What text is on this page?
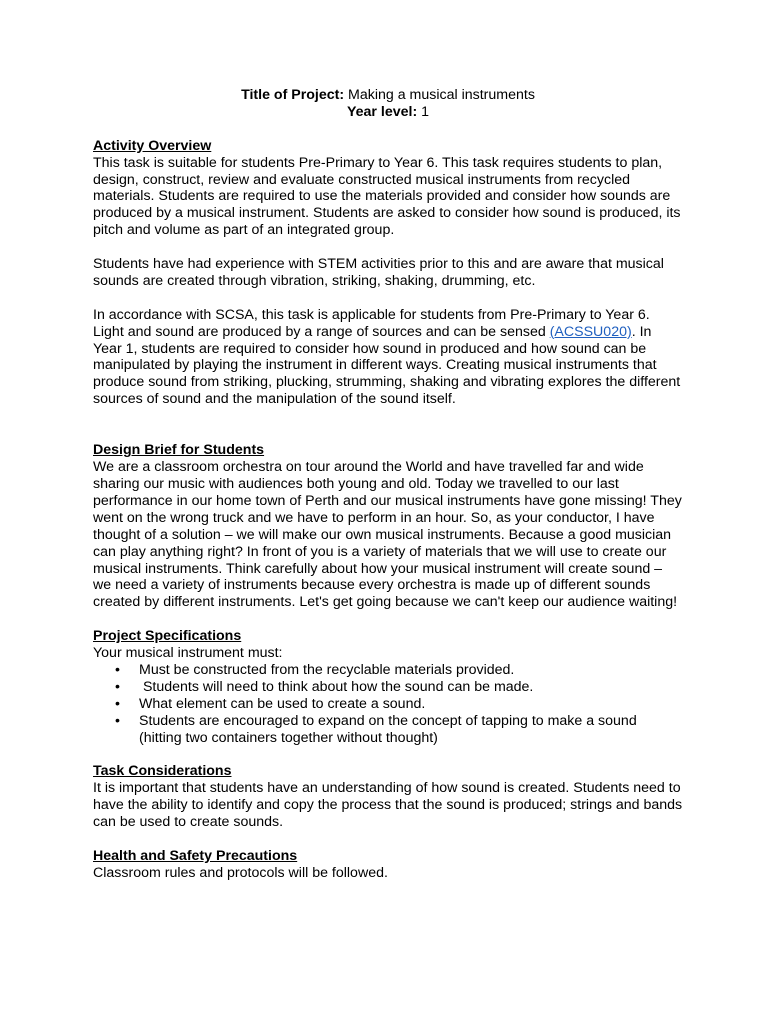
Title of Project: Making a musical instruments
Year level: 1
Activity Overview

This task is suitable for students Pre-Primary to Year 6. This task requires students to plan, design, construct, review and evaluate constructed musical instruments from recycled materials. Students are required to use the materials provided and consider how sounds are produced by a musical instrument. Students are asked to consider how sound is produced, its pitch and volume as part of an integrated group.

Students have had experience with STEM activities prior to this and are aware that musical sounds are created through vibration, striking, shaking, drumming, etc.

In accordance with SCSA, this task is applicable for students from Pre-Primary to Year 6. Light and sound are produced by a range of sources and can be sensed (ACSSU020). In Year 1, students are required to consider how sound in produced and how sound can be manipulated by playing the instrument in different ways. Creating musical instruments that produce sound from striking, plucking, strumming, shaking and vibrating explores the different sources of sound and the manipulation of the sound itself.

Design Brief for Students

We are a classroom orchestra on tour around the World and have travelled far and wide sharing our music with audiences both young and old. Today we travelled to our last performance in our home town of Perth and our musical instruments have gone missing! They went on the wrong truck and we have to perform in an hour. So, as your conductor, I have thought of a solution – we will make our own musical instruments. Because a good musician can play anything right? In front of you is a variety of materials that we will use to create our musical instruments. Think carefully about how your musical instrument will create sound – we need a variety of instruments because every orchestra is made up of different sounds created by different instruments. Let's get going because we can't keep our audience waiting!

Project Specifications

Your musical instrument must:

• Must be constructed from the recyclable materials provided.
• Students will need to think about how the sound can be made.
• What element can be used to create a sound.
• Students are encouraged to expand on the concept of tapping to make a sound (hitting two containers together without thought)
Task Considerations

It is important that students have an understanding of how sound is created. Students need to have the ability to identify and copy the process that the sound is produced; strings and bands can be used to create sounds.

Health and Safety Precautions

Classroom rules and protocols will be followed.
